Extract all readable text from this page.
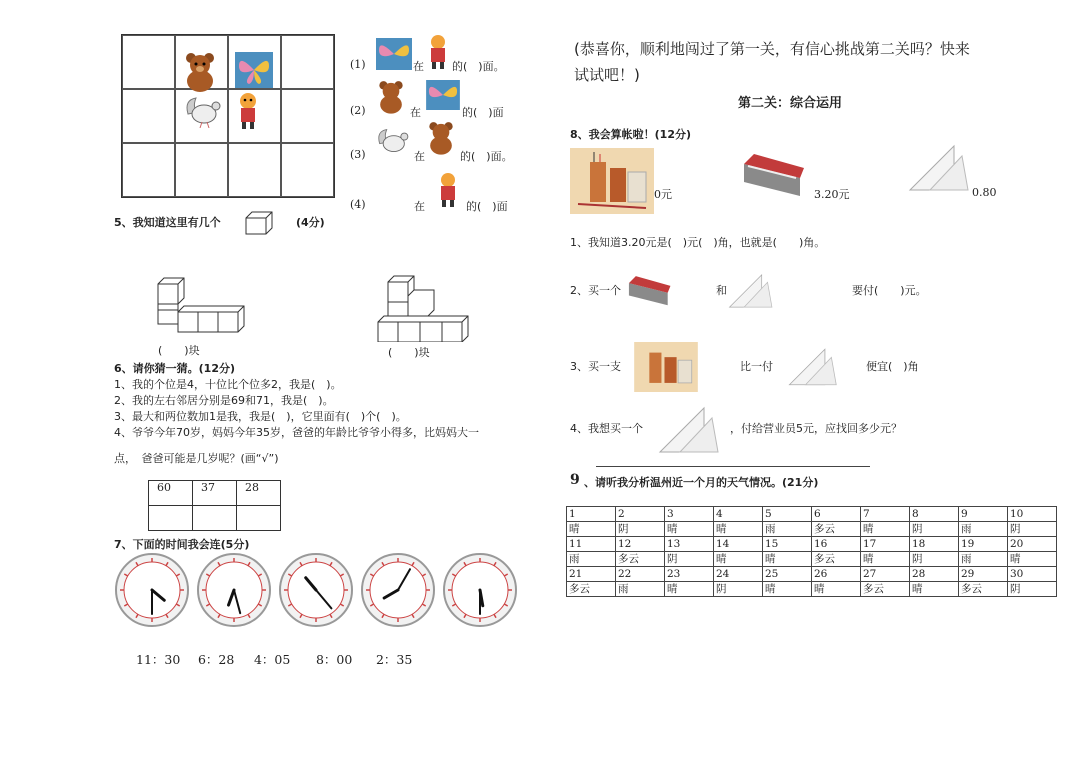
(1)	在	的(　)面。
(2)	在	的(　)面
(3)	在	的(　)面。
(4)	在	的(　)面
5、我知道这里有几个	(4分)
(　　)块	(　　)块
6、请你猜一猜。(12分)
1、我的个位是4，十位比个位多2，我是(　)。
2、我的左右邻居分别是69和71，我是(　)。
3、最大和两位数加1是我，我是(　)，它里面有(　)个(　)。
4、爷爷今年70岁，妈妈今年35岁，爸爸的年龄比爷爷小得多，比妈妈大一
点，　爸爸可能是几岁呢？(画“√”)
60	37	28

7、下面的时间我会连(5分)
11：30 6：28 4：05 8：00 2：35
(恭喜你，顺利地闯过了第一关，有信心挑战第二关吗？快来
试试吧！)
第二关：综合运用
8、我会算帐啦！(12分)
0元	3.20元	0.80
1、我知道3.20元是(　)元(　)角，也就是(　　)角。
2、买一个	和	要付(　　)元。
3、买一支	比一付	便宜(　)角
4、我想买一个	，付给营业员5元，应找回多少元？
9 、请听我分析温州近一个月的天气情况。(21分)
1	2	3	4	5	6	7	8	9	10
晴	阴	晴	晴	雨	多云	晴	阴	雨	阴
11	12	13	14	15	16	17	18	19	20
雨	多云	阴	晴	晴	多云	晴	阴	雨	晴
21	22	23	24	25	26	27	28	29	30
多云	雨	晴	阴	晴	晴	多云	晴	多云	阴
